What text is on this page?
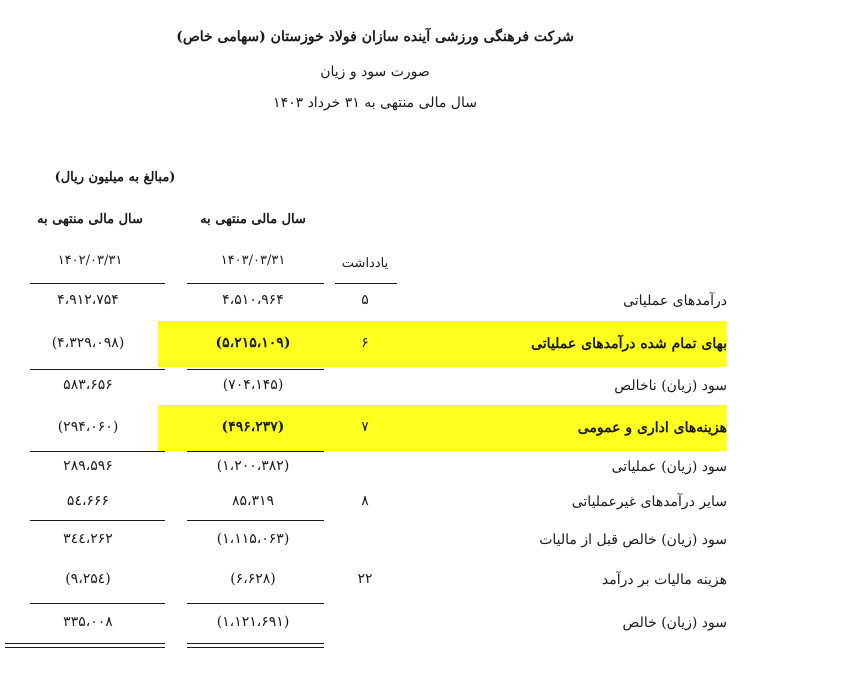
شرکت فرهنگی ورزشی آینده سازان فولاد خوزستان (سهامی خاص)
صورت سود و زیان
سال مالی منتهی به ۳۱ خرداد ۱۴۰۳
(مبالغ به میلیون ریال)
سال مالی منتهی به
۱۴۰۲/۰۳/۳۱
سال مالی منتهی به
۱۴۰۳/۰۳/۳۱	یادداشت
درآمدهای عملیاتی
۵
۴،۵۱۰،۹۶۴
۴،۹۱۲،۷۵۴
بهای تمام شده درآمدهای عملیاتی
۶
(۵،۲۱۵،۱۰۹)
(۴،۳۲۹،۰۹۸)
سود (زیان) ناخالص
(۷۰۴،۱۴۵)
۵۸۳،۶۵۶
هزینه‌های اداری و عمومی
۷
(۴۹۶،۲۳۷)
(۲۹۴،۰۶۰)
سود (زیان) عملیاتی
(۱،۲۰۰،۳۸۲)
۲۸۹،۵۹۶
سایر درآمدهای غیرعملیاتی
۸
۸۵،۳۱۹
۵٤،۶۶۶
سود (زیان) خالص قبل از مالیات
(۱،۱۱۵،۰۶۳)
۳٤٤،۲۶۲
هزینه مالیات بر درآمد
۲۲
(۶،۶۲۸)
(۹،۲۵٤)
سود (زیان) خالص
(۱،۱۲۱،۶۹۱)
۳۳۵،۰۰۸
